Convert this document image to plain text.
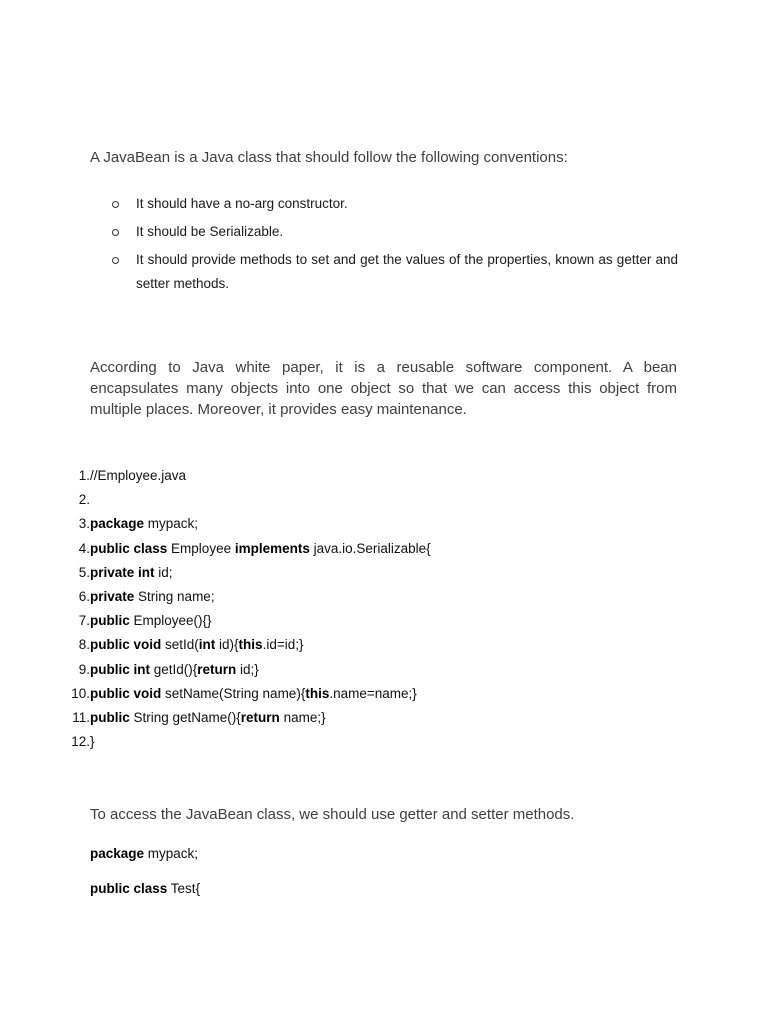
A JavaBean is a Java class that should follow the following conventions:

It should have a no-arg constructor.
It should be Serializable.
It should provide methods to set and get the values of the properties, known as getter and setter methods.

According to Java white paper, it is a reusable software component. A bean encapsulates many objects into one object so that we can access this object from multiple places. Moreover, it provides easy maintenance.

1.//Employee.java
2.
3.package mypack;
4.public class Employee implements java.io.Serializable{
5.private int id;
6.private String name;
7.public Employee(){}
8.public void setId(int id){this.id=id;}
9.public int getId(){return id;}
10.public void setName(String name){this.name=name;}
11.public String getName(){return name;}
12.}

To access the JavaBean class, we should use getter and setter methods.

package mypack;

public class Test{
